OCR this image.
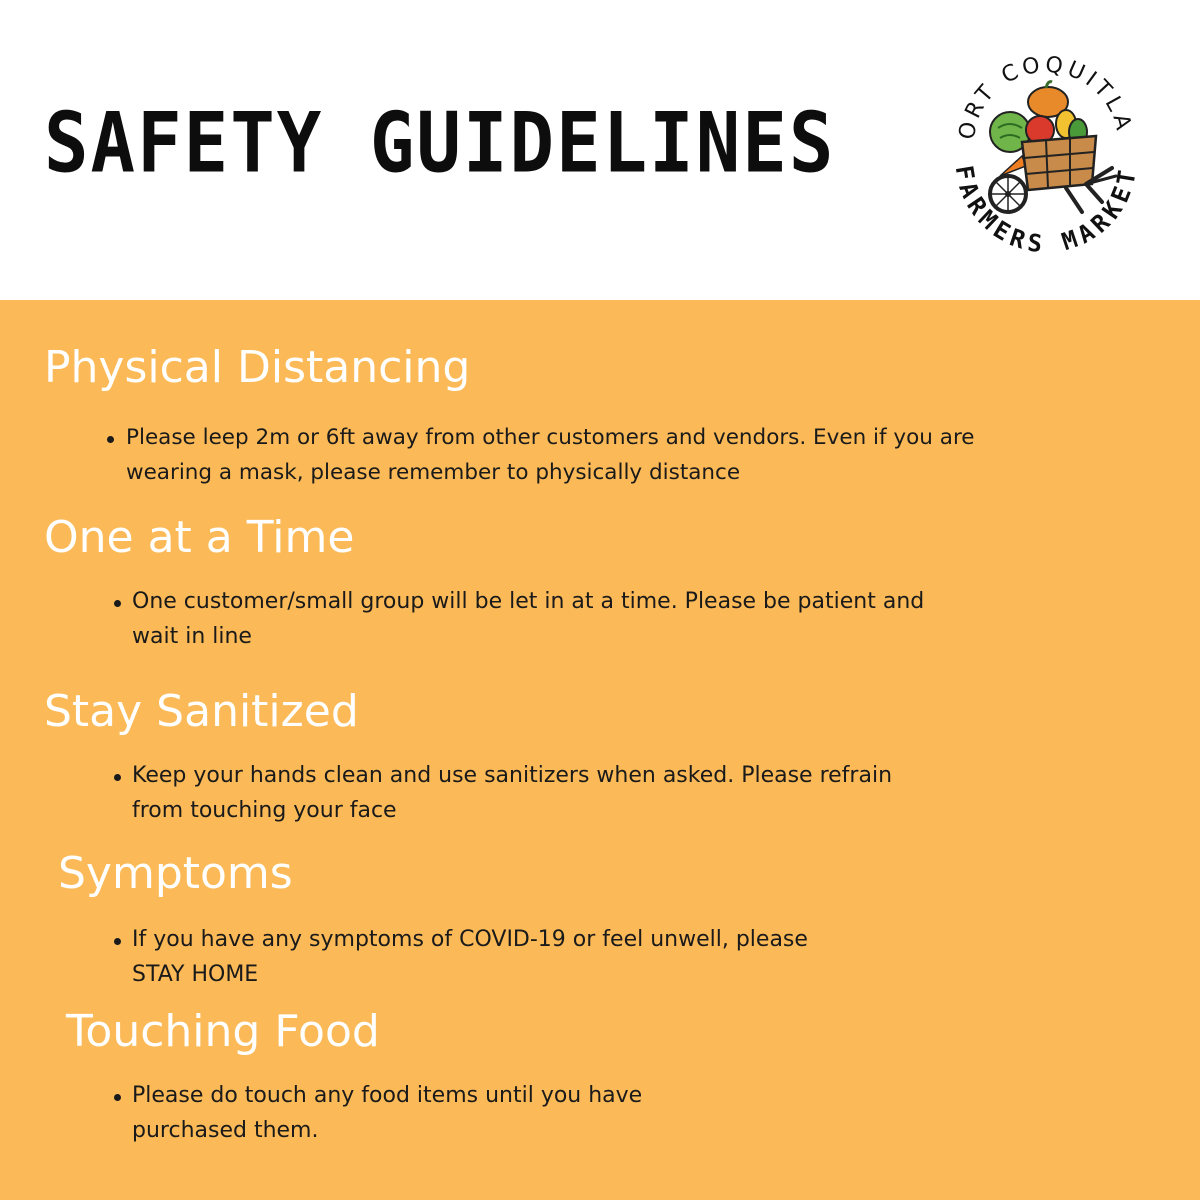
SAFETY GUIDELINES
PORT COQUITLAM
FARMERS MARKET
Physical Distancing
Please leep 2m or 6ft away from other customers and vendors. Even if you are
wearing a mask, please remember to physically distance
One at a Time
One customer/small group will be let in at a time. Please be patient and
wait in line
Stay Sanitized
Keep your hands clean and use sanitizers when asked. Please refrain
from touching your face
Symptoms
If you have any symptoms of COVID-19 or feel unwell, please
STAY HOME
Touching Food
Please do touch any food items until you have
purchased them.
